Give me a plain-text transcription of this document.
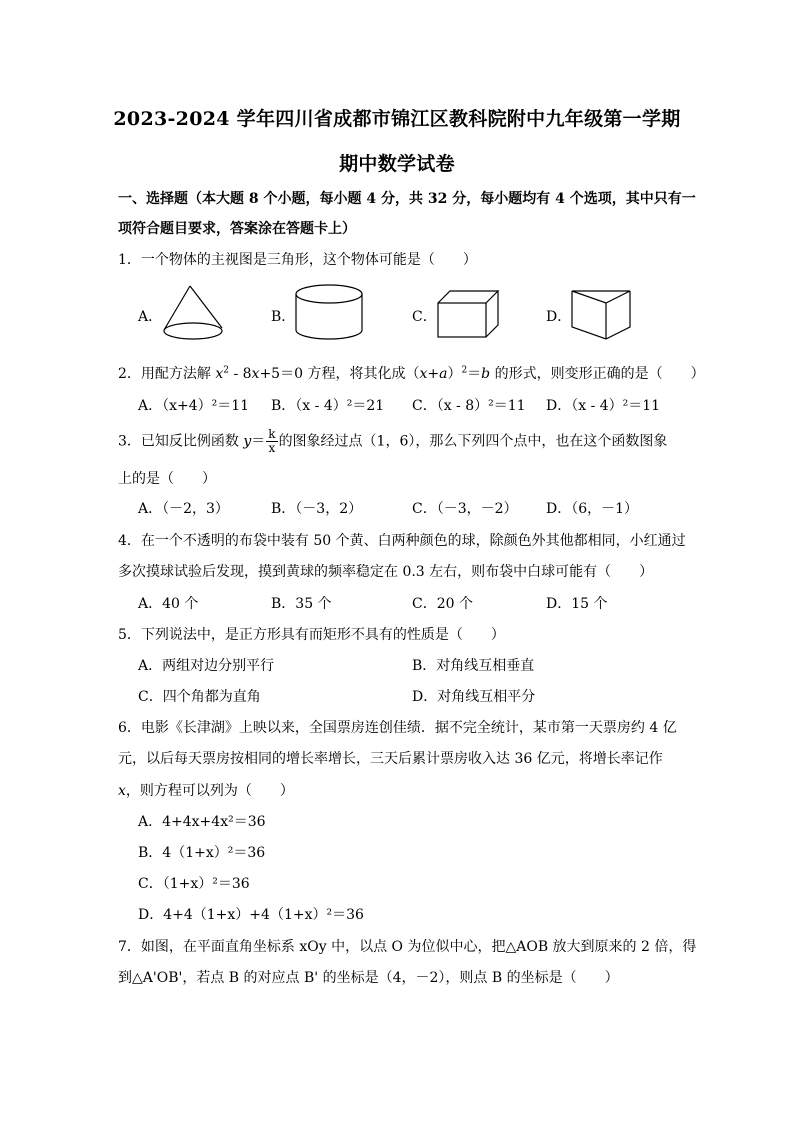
2023-2024 学年四川省成都市锦江区教科院附中九年级第一学期
期中数学试卷
一、选择题（本大题 8 个小题，每小题 4 分，共 32 分，每小题均有 4 个选项，其中只有一
项符合题目要求，答案涂在答题卡上）
1．一个物体的主视图是三角形，这个物体可能是（　　）
A．	B．	C．	D．
2．用配方法解 $x^2 - 8x+5=0$ 方程，将其化成$(x+a)^2=b$ 的形式，则变形正确的是（　　）
A．（x+4）²＝11 B．（x - 4）²＝21 C．（x - 8）²＝11 D．（x - 4）²＝11
3．已知反比例函数 $y= \frac{k}{x}$ 的图象经过点（1，6），那么下列四个点中，也在这个函数图象
上的是（　　）
A．（－2，3）	B．（－3，2）	C．（－3，－2） D．（6，－1）
4．在一个不透明的布袋中装有 50 个黄、白两种颜色的球，除颜色外其他都相同，小红通过
多次摸球试验后发现，摸到黄球的频率稳定在 0.3 左右，则布袋中白球可能有（　　）
A．40 个	B．35 个	C．20 个	D．15 个
5．下列说法中，是正方形具有而矩形不具有的性质是（　　）
A．两组对边分别平行	B．对角线互相垂直
C．四个角都为直角	D．对角线互相平分
6．电影《长津湖》上映以来，全国票房连创佳绩．据不完全统计，某市第一天票房约 4 亿
元，以后每天票房按相同的增长率增长，三天后累计票房收入达 36 亿元，将增长率记作
x，则方程可以列为（　　）
A．4+4x+4x²＝36
B．4（1+x）²＝36
C．（1+x）²＝36
D．4+4（1+x）+4（1+x）²＝36
7．如图，在平面直角坐标系 xOy 中，以点 O 为位似中心，把△AOB 放大到原来的 2 倍，得
到△A'OB'，若点 B 的对应点 B' 的坐标是（4，－2），则点 B 的坐标是（　　）
